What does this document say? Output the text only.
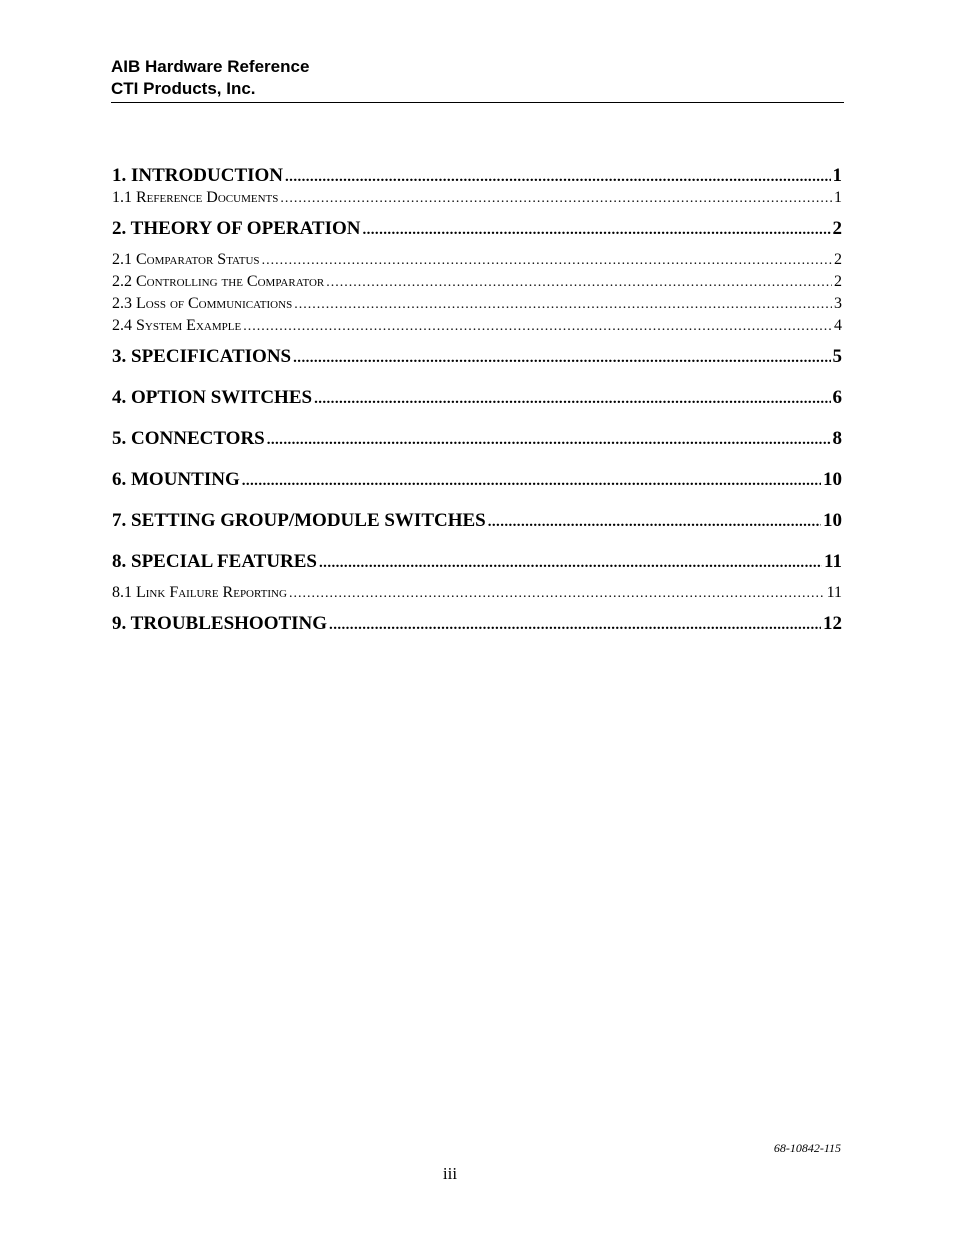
AIB Hardware Reference
CTI Products, Inc.
1. INTRODUCTION .....	1
1.1 Reference Documents .....	1
2. THEORY OF OPERATION .....	2
2.1 Comparator Status .....	2
2.2 Controlling the Comparator .....	2
2.3 Loss of Communications .....	3
2.4 System Example .....	4
3. SPECIFICATIONS .....	5
4. OPTION SWITCHES .....	6
5. CONNECTORS .....	8
6. MOUNTING .....	10
7. SETTING GROUP/MODULE SWITCHES .....	10
8. SPECIAL FEATURES .....	11
8.1 Link Failure Reporting .....	11
9. TROUBLESHOOTING .....	12
68-10842-115
iii
